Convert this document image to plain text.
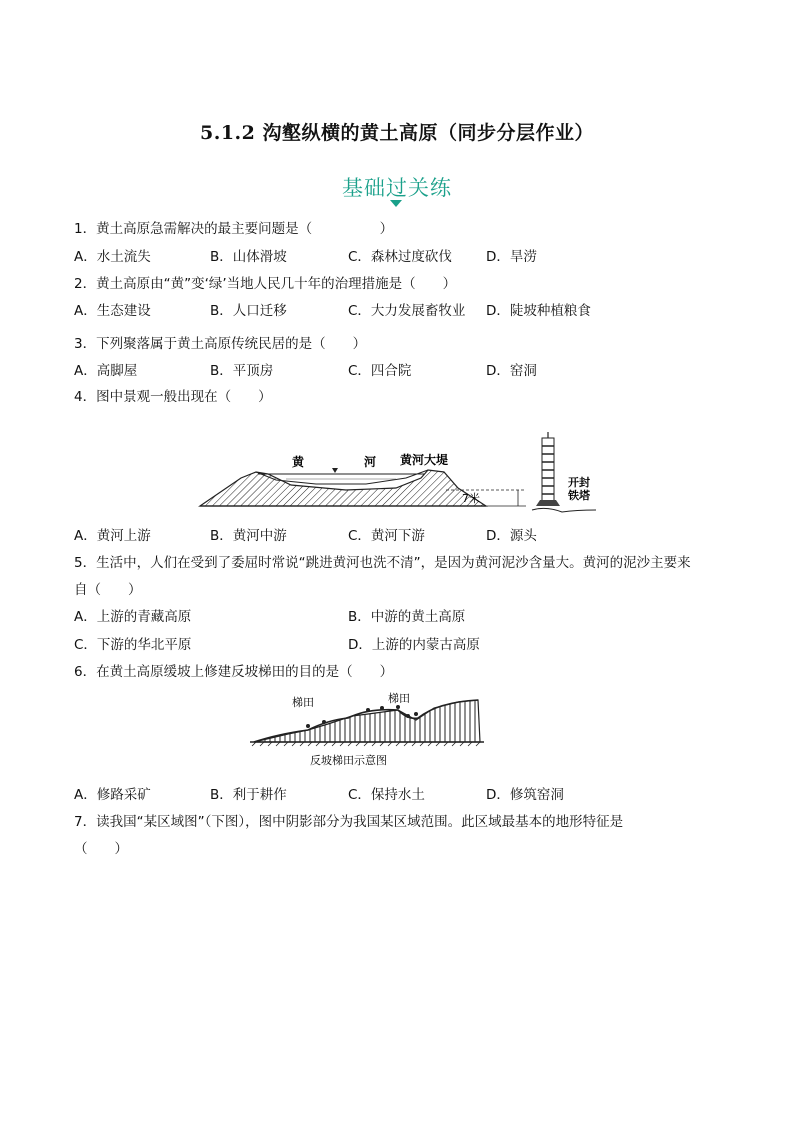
5.1.2 沟壑纵横的黄土高原（同步分层作业）
基础过关练
1．黄土高原急需解决的最主要问题是（　　　　　）
A．水土流失	B．山体滑坡	C．森林过度砍伐	D．旱涝
2．黄土高原由“黄”变‘绿’当地人民几十年的治理措施是（　　）
A．生态建设	B．人口迁移	C．大力发展畜牧业 D．陡坡种植粮食
3．下列聚落属于黄土高原传统民居的是（　　）
A．高脚屋	B．平顶房	C．四合院	D．窑洞
4．图中景观一般出现在（　　）
黄	河 黄河大堤
7米
开封
铁塔
A．黄河上游	B．黄河中游	C．黄河下游	D．源头
5．生活中，人们在受到了委屈时常说“跳进黄河也洗不清”，是因为黄河泥沙含量大。黄河的泥沙主要来
自（　　）
A．上游的青藏高原	B．中游的黄土高原
C．下游的华北平原	D．上游的内蒙古高原
6．在黄土高原缓坡上修建反坡梯田的目的是（　　）
梯田	梯田
反坡梯田示意图
A．修路采矿	B．利于耕作	C．保持水土	D．修筑窑洞
7．读我国“某区域图”（下图），图中阴影部分为我国某区域范围。此区域最基本的地形特征是
（　　）
